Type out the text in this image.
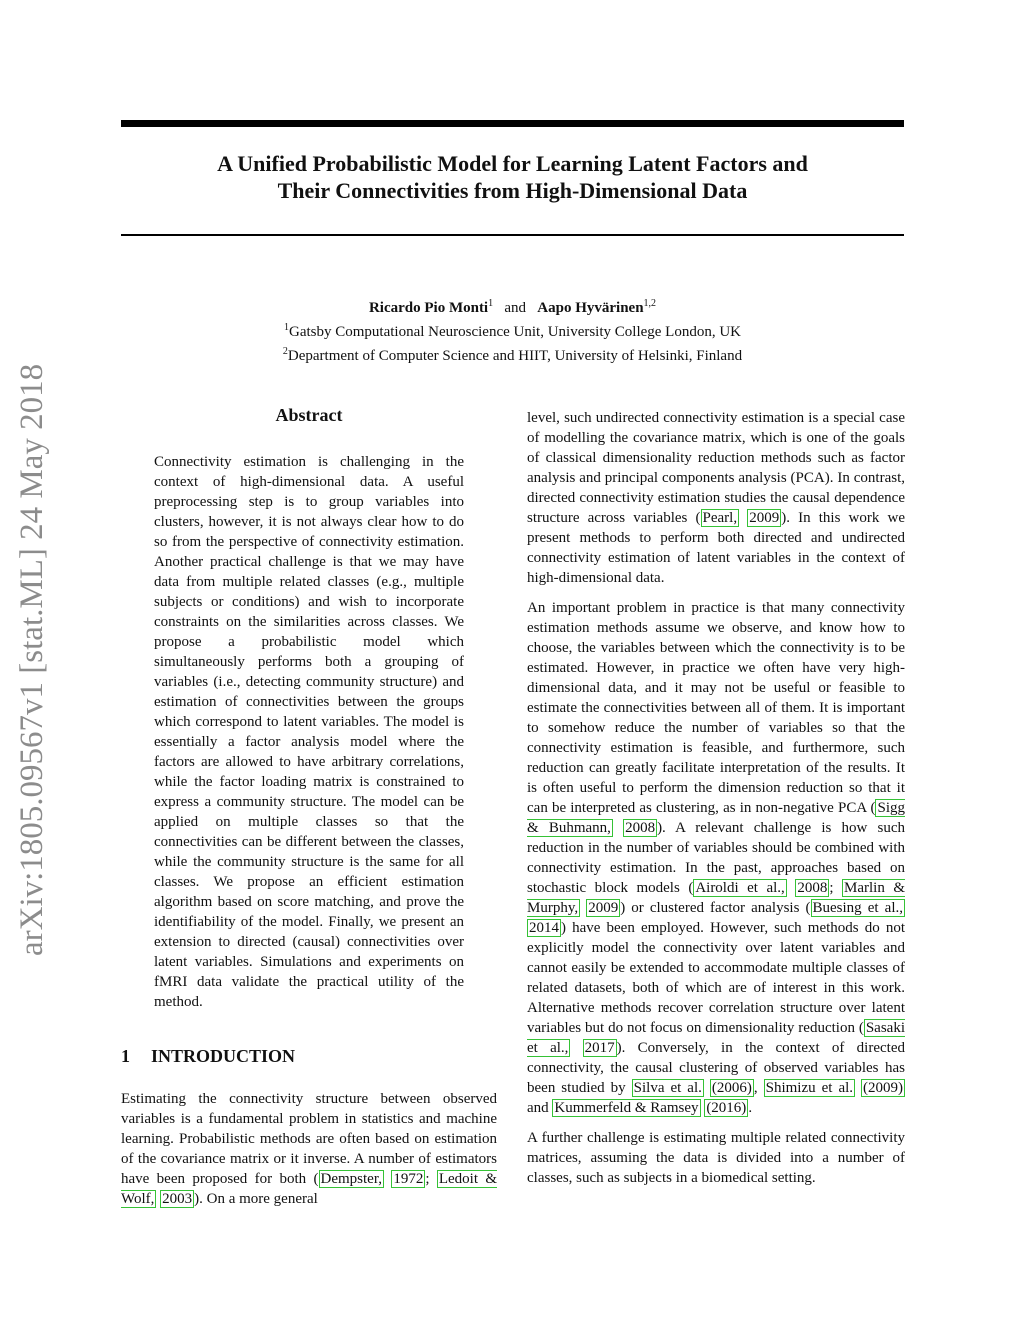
A Unified Probabilistic Model for Learning Latent Factors and
Their Connectivities from High-Dimensional Data
Ricardo Pio Monti$^1$ and Aapo Hyvärinen$^{1,2}$
$^1$Gatsby Computational Neuroscience Unit, University College London, UK
$^2$Department of Computer Science and HIIT, University of Helsinki, Finland
arXiv:1805.09567v1 [stat.ML] 24 May 2018	Abstract
Connectivity estimation is challenging in the context of high-dimensional data. A useful preprocessing step is to group variables into clusters, however, it is not always clear how to do so from the perspective of connectivity estimation. Another practical challenge is that we may have data from multiple related classes (e.g., multiple subjects or conditions) and wish to incorporate constraints on the similarities across classes. We propose a probabilistic model which simultaneously performs both a grouping of variables (i.e., detecting community structure) and estimation of connectivities between the groups which correspond to latent variables. The model is essentially a factor analysis model where the factors are allowed to have arbitrary correlations, while the factor loading matrix is constrained to express a community structure. The model can be applied on multiple classes so that the connectivities can be different between the classes, while the community structure is the same for all classes. We propose an efficient estimation algorithm based on score matching, and prove the identifiability of the model. Finally, we present an extension to directed (causal) connectivities over latent variables. Simulations and experiments on fMRI data validate the practical utility of the method.
1 INTRODUCTION

Estimating the connectivity structure between observed variables is a fundamental problem in statistics and machine learning. Probabilistic methods are often based on estimation of the covariance matrix or it inverse. A number of estimators have been proposed for both ( Dempster, 1972 ; Ledoit & Wolf, 2003 ). On a more general

level, such undirected connectivity estimation is a special case of modelling the covariance matrix, which is one of the goals of classical dimensionality reduction methods such as factor analysis and principal components analysis (PCA). In contrast, directed connectivity estimation studies the causal dependence structure across variables ( Pearl, 2009 ). In this work we present methods to perform both directed and undirected connectivity estimation of latent variables in the context of high-dimensional data.

An important problem in practice is that many connectivity estimation methods assume we observe, and know how to choose, the variables between which the connectivity is to be estimated. However, in practice we often have very high-dimensional data, and it may not be useful or feasible to estimate the connectivities between all of them. It is important to somehow reduce the number of variables so that the connectivity estimation is feasible, and furthermore, such reduction can greatly facilitate interpretation of the results. It is often useful to perform the dimension reduction so that it can be interpreted as clustering, as in non-negative PCA ( Sigg & Buhmann, 2008 ). A relevant challenge is how such reduction in the number of variables should be combined with connectivity estimation. In the past, approaches based on stochastic block models ( Airoldi et al., 2008 ; Marlin & Murphy, 2009 ) or clustered factor analysis ( Buesing et al., 2014 ) have been employed. However, such methods do not explicitly model the connectivity over latent variables and cannot easily be extended to accommodate multiple classes of related datasets, both of which are of interest in this work. Alternative methods recover correlation structure over latent variables but do not focus on dimensionality reduction ( Sasaki et al., 2017 ). Conversely, in the context of directed connectivity, the causal clustering of observed variables has been studied by Silva et al. (2006) , Shimizu et al. (2009) and Kummerfeld & Ramsey (2016) .

A further challenge is estimating multiple related connectivity matrices, assuming the data is divided into a number of classes, such as subjects in a biomedical setting.
